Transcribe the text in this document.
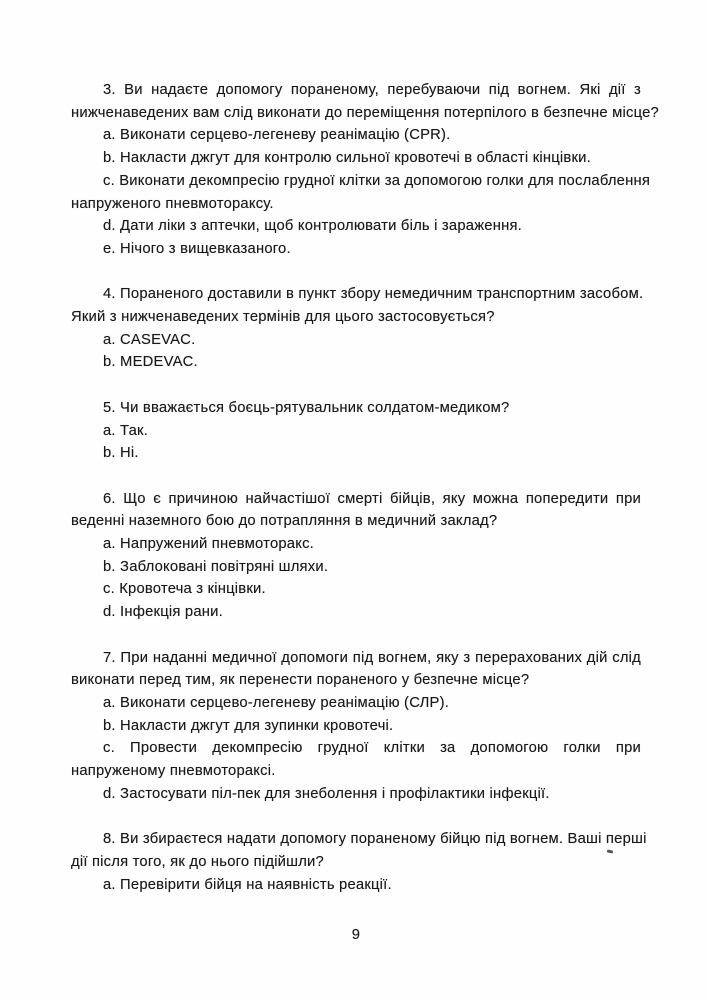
3. Ви надаєте допомогу пораненому, перебуваючи під вогнем. Які дії з
нижченаведених вам слід виконати до переміщення потерпілого в безпечне місце?
a. Виконати серцево-легеневу реанімацію (CPR).
b. Накласти джгут для контролю сильної кровотечі в області кінцівки.
c. Виконати декомпресію грудної клітки за допомогою голки для послаблення
напруженого пневмотораксу.
d. Дати ліки з аптечки, щоб контролювати біль і зараження.
e. Нічого з вищевказаного.
4. Пораненого доставили в пункт збору немедичним транспортним засобом.
Який з нижченаведених термінів для цього застосовується?
a. CASEVAC.
b. MEDEVAC.
5. Чи вважається боєць-рятувальник солдатом-медиком?
a. Так.
b. Ні.
6. Що є причиною найчастішої смерті бійців, яку можна попередити при
веденні наземного бою до потрапляння в медичний заклад?
a. Напружений пневмоторакс.
b. Заблоковані повітряні шляхи.
c. Кровотеча з кінцівки.
d. Інфекція рани.
7. При наданні медичної допомоги під вогнем, яку з перерахованих дій слід
виконати перед тим, як перенести пораненого у безпечне місце?
a. Виконати серцево-легеневу реанімацію (СЛР).
b. Накласти джгут для зупинки кровотечі.
c. Провести декомпресію грудної клітки за допомогою голки при
напруженому пневмотораксі.
d. Застосувати піл-пек для знеболення і профілактики інфекції.
8. Ви збираєтеся надати допомогу пораненому бійцю під вогнем. Ваші перші
дії після того, як до нього підійшли?
a. Перевірити бійця на наявність реакції.
9
